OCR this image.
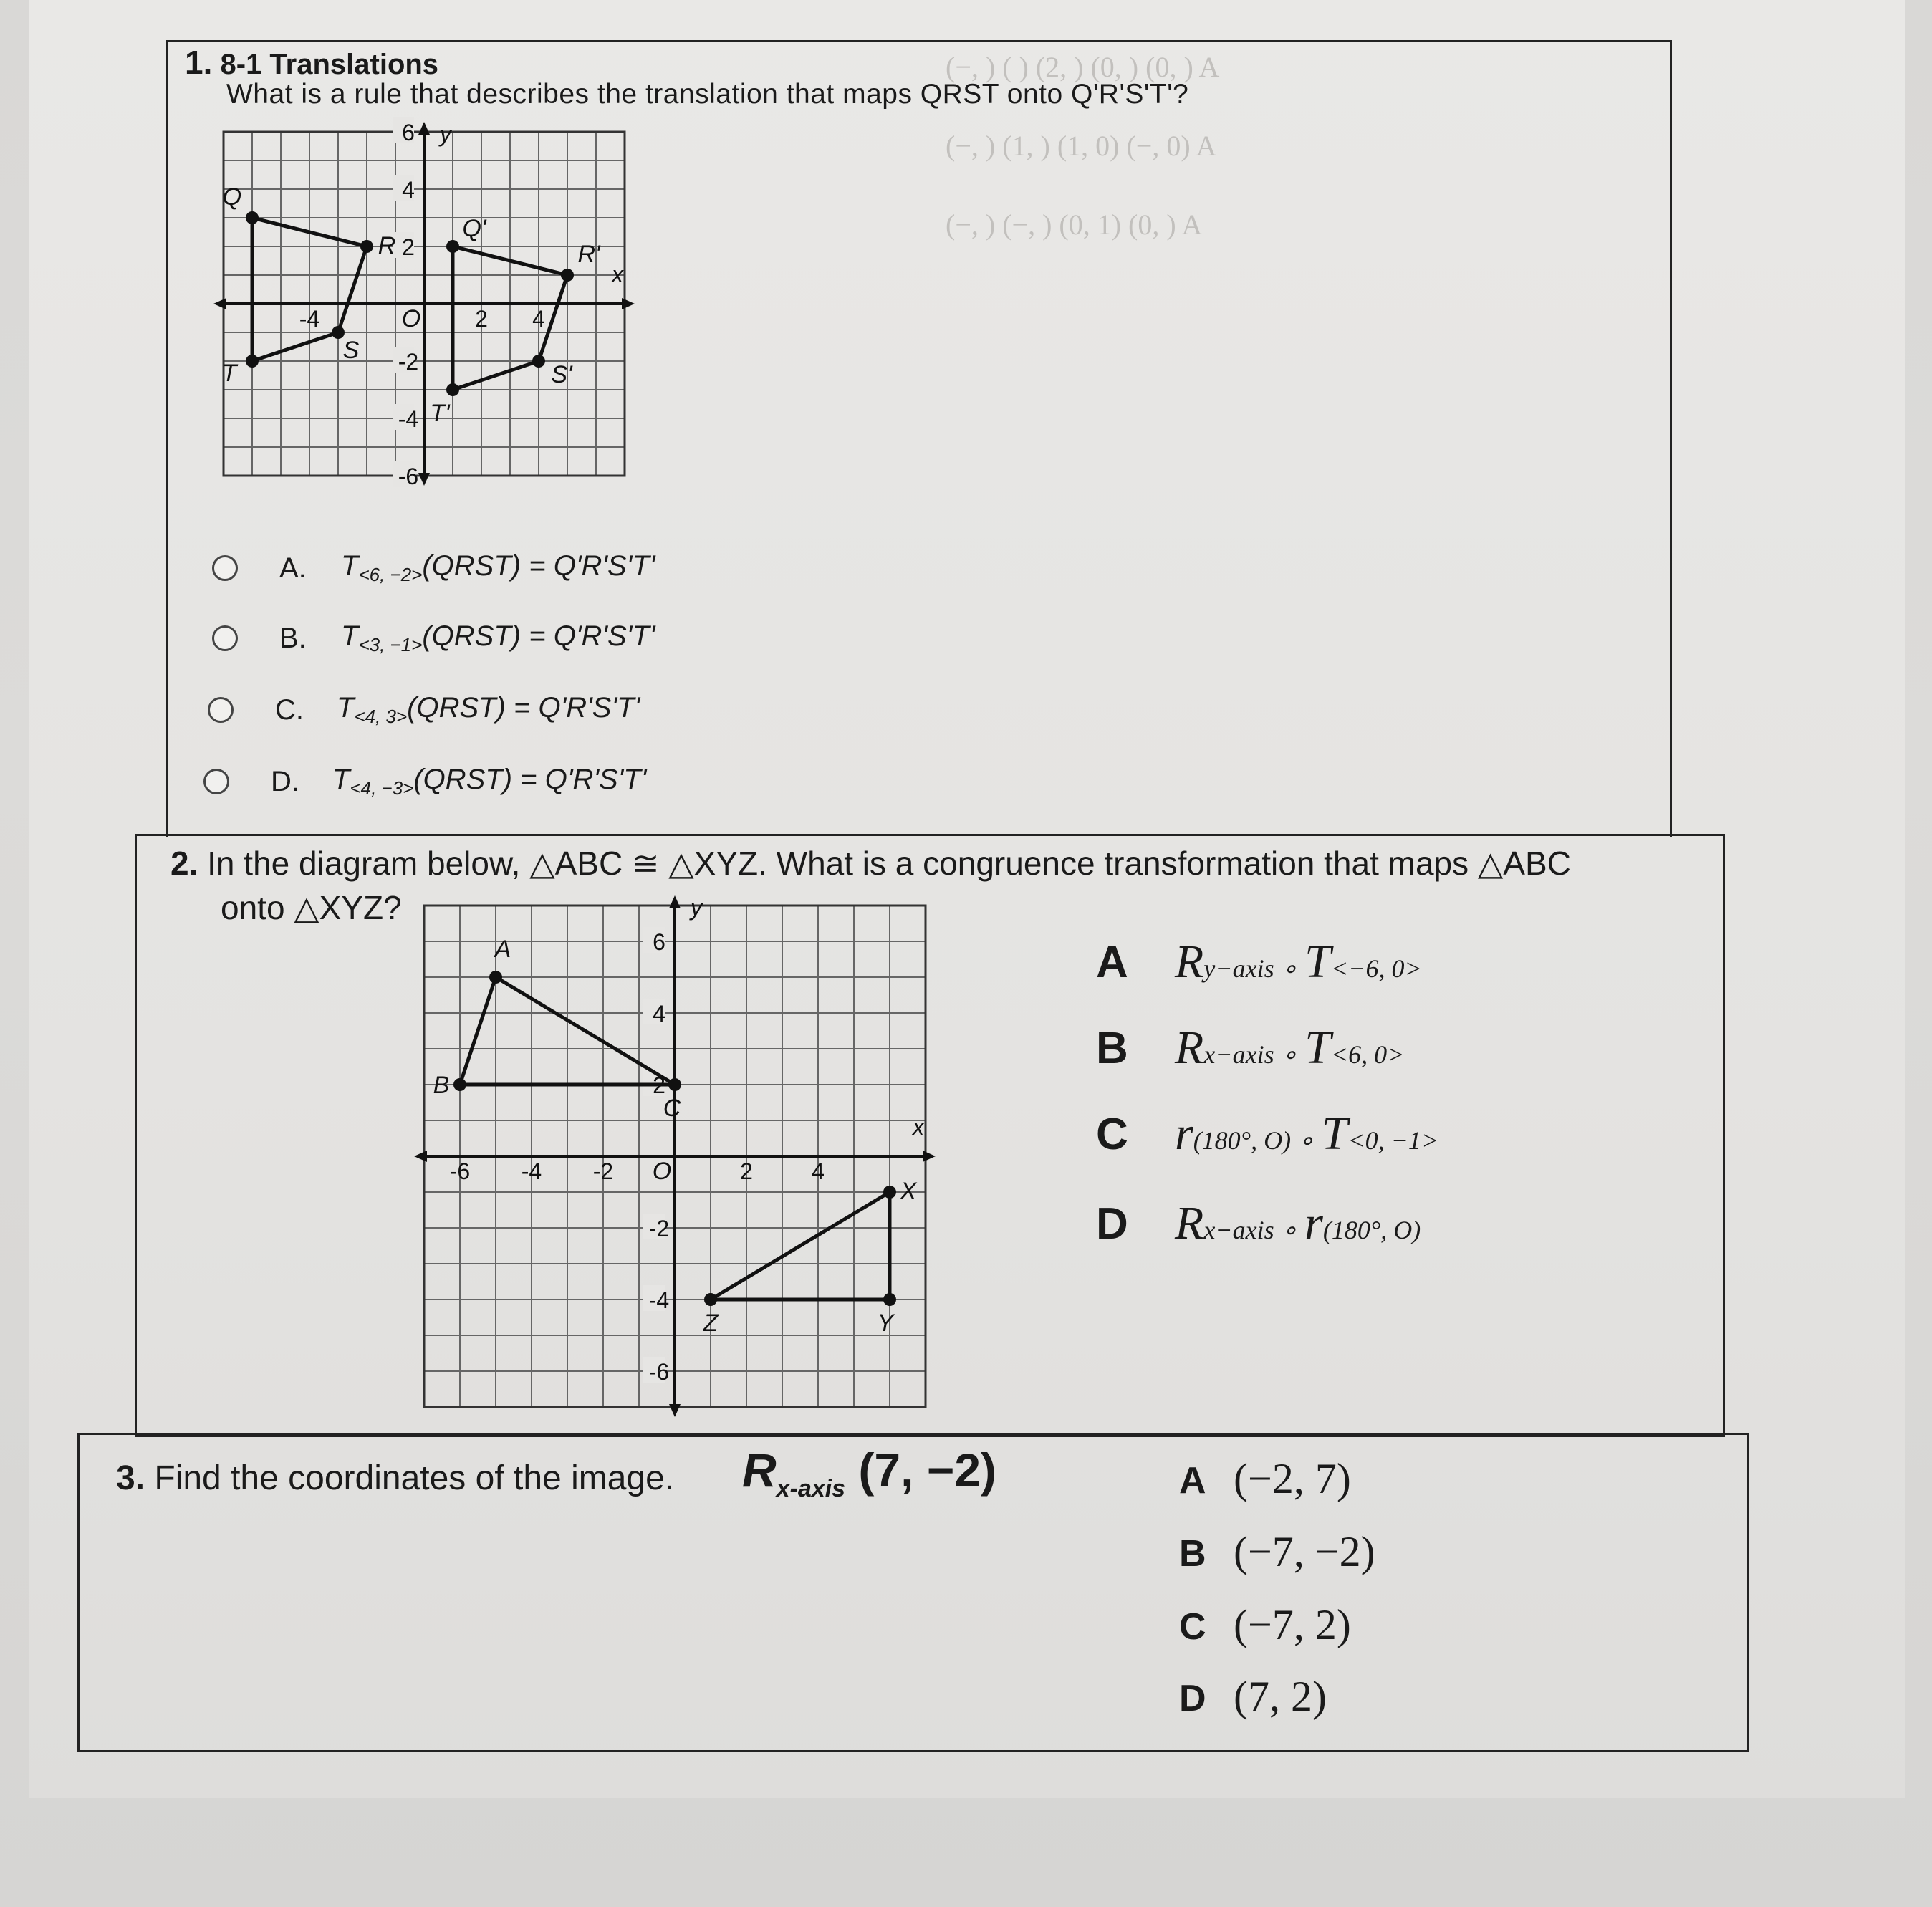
(−, ) ( ) (2, ) (0, ) (0, ) A
(−, ) (1, ) (1, 0) (−, 0) A
(−, ) (−, ) (0, 1) (0, ) A
1. 8-1 Translations
What is a rule that describes the translation that maps QRST onto Q'R'S'T'?
y
x
O
6
4
2
-2
-4
-6
-4	2 4
Q
R
S
T
Q'
R'
S'
T'
A.	$T_{<6, -2>}(QRST) = Q'R'S'T'$
B.	$T_{<3, -1>}(QRST) = Q'R'S'T'$
C.	$T_{<4, 3>}(QRST) = Q'R'S'T'$
D.	$T_{<4, -3>}(QRST) = Q'R'S'T'$
2. In the diagram below, △ABC ≅ △XYZ. What is a congruence transformation that maps △ABC
onto △XYZ?	y
x
O
6
4
2
-2
-4
-6
-6 -4 -2	2	4
A
B
C
X
Y
Z
A R y−axis ∘ T <−6, 0>
B R x−axis ∘ T <6, 0>
C r (180°, O) ∘ T <0, −1>
D R x−axis ∘ r (180°, O)
3. Find the coordinates of the image. $R_{x-axis}$ (7, −2)	A (−2, 7)
B (−7, −2)
C (−7, 2)
D (7, 2)
